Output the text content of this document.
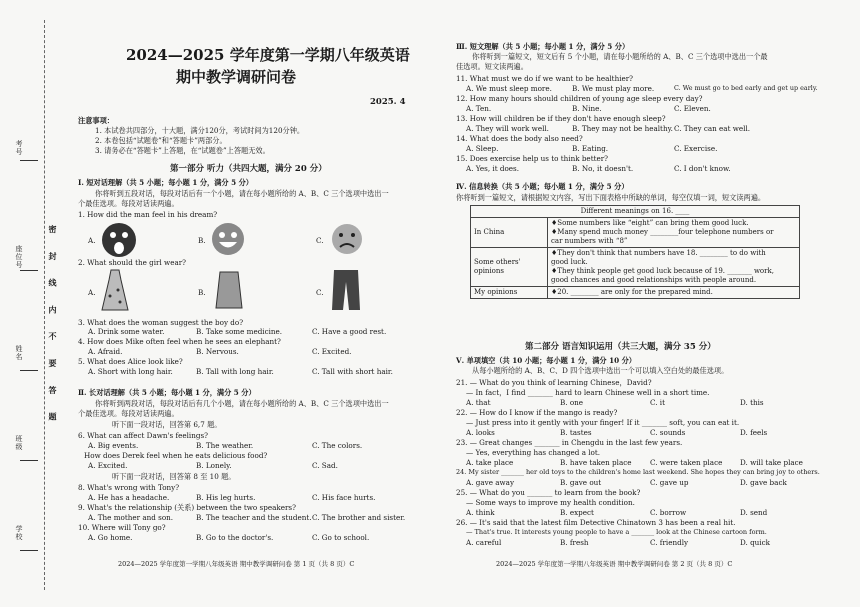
考号
座位号
姓名
班级
学校
密 封 线 内 不 要 答 题
2024—2025 学年度第一学期八年级英语
期中教学调研问卷
2025. 4
注意事项：
1. 本试卷共四部分，十大题，满分120分，考试时间为120分钟。
2. 本卷包括“试题卷”和“答题卡”两部分。
3. 请务必在“答题卡”上答题，在“试题卷”上答题无效。
第一部分 听力（共四大题，满分 20 分）
Ⅰ. 短对话理解（共 5 小题；每小题 1 分，满分 5 分）
你将听到五段对话，每段对话后有一个小题，请在每小题所给的 A、B、C 三个选项中选出一
个最佳选项。每段对话读两遍。
1. How did the man feel in his dream?
A.	B.	C.
2. What should the girl wear?
A.	B.	C.
3. What does the woman suggest the boy do?
A. Drink some water.	B. Take some medicine.	C. Have a good rest.
4. How does Mike often feel when he sees an elephant?
A. Afraid.	B. Nervous.	C. Excited.
5. What does Alice look like?
A. Short with long hair.	B. Tall with long hair.	C. Tall with short hair.
Ⅱ. 长对话理解（共 5 小题；每小题 1 分，满分 5 分）
你将听到两段对话，每段对话后有几个小题，请在每小题所给的 A、B、C 三个选项中选出一
个最佳选项。每段对话读两遍。
听下面一段对话，回答第 6,7 题。
6. What can affect Dawn's feelings?
A. Big events.	B. The weather.	C. The colors.
How does Derek feel when he eats delicious food?
A. Excited.	B. Lonely.	C. Sad.
听下面一段对话，回答第 8 至 10 题。
8. What's wrong with Tony?
A. He has a headache.	B. His leg hurts.	C. His face hurts.
9. What's the relationship (关系) between the two speakers?
A. The mother and son.	B. The teacher and the student. C. The brother and sister.
10. Where will Tony go?
A. Go home.	B. Go to the doctor's.	C. Go to school.
2024—2025 学年度第一学期八年级英语 期中教学调研问卷 第 1 页（共 8 页）C
Ⅲ. 短文理解（共 5 小题；每小题 1 分，满分 5 分）
你将听到一篇短文，短文后有 5 个小题，请在每小题所给的 A、B、C 三个选项中选出一个最
佳选项。短文读两遍。
11. What must we do if we want to be healthier?
A. We must sleep more.	B. We must play more.	C. We must go to bed early and get up early.
12. How many hours should children of young age sleep every day?
A. Ten.	B. Nine.	C. Eleven.
13. How will children be if they don't have enough sleep?
A. They will work well.	B. They may not be healthy. C. They can eat well.
14. What does the body also need?
A. Sleep.	B. Eating.	C. Exercise.
15. Does exercise help us to think better?
A. Yes, it does.	B. No, it doesn't.	C. I don't know.
Ⅳ. 信息转换（共 5 小题；每小题 1 分，满分 5 分）
你将听到一篇短文，请根据短文内容，写出下面表格中所缺的单词，每空仅填一词，短文读两遍。
Different meanings on 16. ____	
In China	♦Some numbers like “eight” can bring them good luck.
♦Many spend much money ________four telephone numbers or
car numbers with “8”

Some others' opinions	♦They don't think that numbers have 18. ________ to do with
good luck.
♦They think people get good luck because of 19. _______ work,
good chances and good relationships with people around.

My opinions	♦20. ________ are only for the prepared mind.
第二部分 语言知识运用（共三大题，满分 35 分）
Ⅴ. 单项填空（共 10 小题；每小题 1 分，满分 10 分）
从每小题所给的 A、B、C、D 四个选项中选出一个可以填入空白处的最佳选项。
21. — What do you think of learning Chinese，David?
— In fact，I find _______ hard to learn Chinese well in a short time.
A. that	B. one	C. it	D. this
22. — How do I know if the mango is ready?
— Just press into it gently with your finger! If it _______ soft, you can eat it.
A. looks	B. tastes	C. sounds	D. feels
23. — Great changes _______ in Chengdu in the last few years.
— Yes, everything has changed a lot.
A. take place	B. have taken place	C. were taken place D. will take place
24. My sister _______ her old toys to the children's home last weekend. She hopes they can bring joy to others.
A. gave away	B. gave out	C. gave up	D. gave back
25. — What do you _______ to learn from the book?
— Some ways to improve my health condition.
A. think	B. expect	C. borrow	D. send
26. — It's said that the latest film Detective Chinatown 3 has been a real hit.
— That's true. It interests young people to have a _______ look at the Chinese cartoon form.
A. careful	B. fresh	C. friendly	D. quick
2024—2025 学年度第一学期八年级英语 期中教学调研问卷 第 2 页（共 8 页）C
